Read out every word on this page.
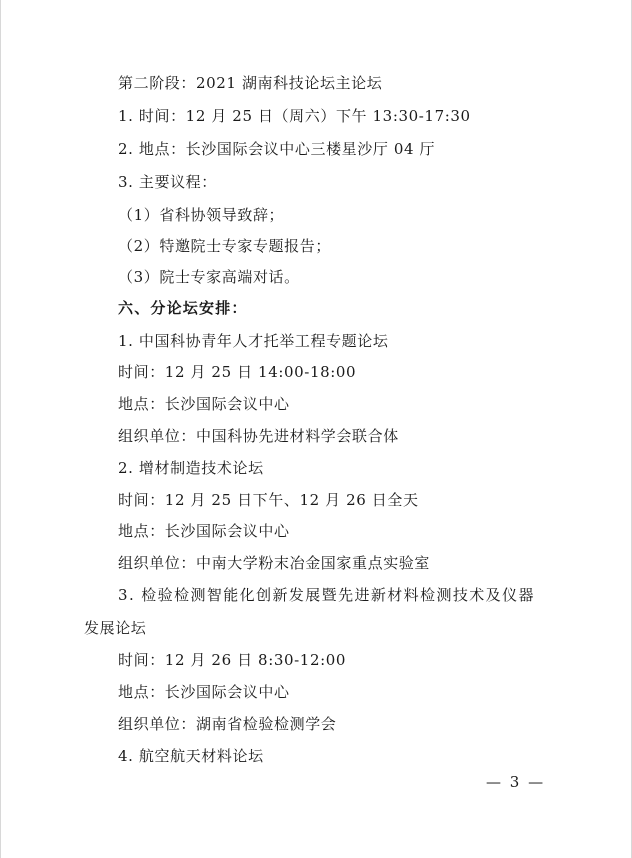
第二阶段：2021 湖南科技论坛主论坛
1. 时间：12 月 25 日（周六）下午 13:30-17:30
2. 地点：长沙国际会议中心三楼星沙厅 04 厅
3. 主要议程：
（1）省科协领导致辞；
（2）特邀院士专家专题报告；
（3）院士专家高端对话。
六、分论坛安排：
1. 中国科协青年人才托举工程专题论坛
时间：12 月 25 日 14:00-18:00
地点：长沙国际会议中心
组织单位：中国科协先进材料学会联合体
2. 增材制造技术论坛
时间：12 月 25 日下午、12 月 26 日全天
地点：长沙国际会议中心
组织单位：中南大学粉末冶金国家重点实验室
3. 检验检测智能化创新发展暨先进新材料检测技术及仪器
发展论坛
时间：12 月 26 日 8:30-12:00
地点：长沙国际会议中心
组织单位：湖南省检验检测学会
4. 航空航天材料论坛
— 3 —
